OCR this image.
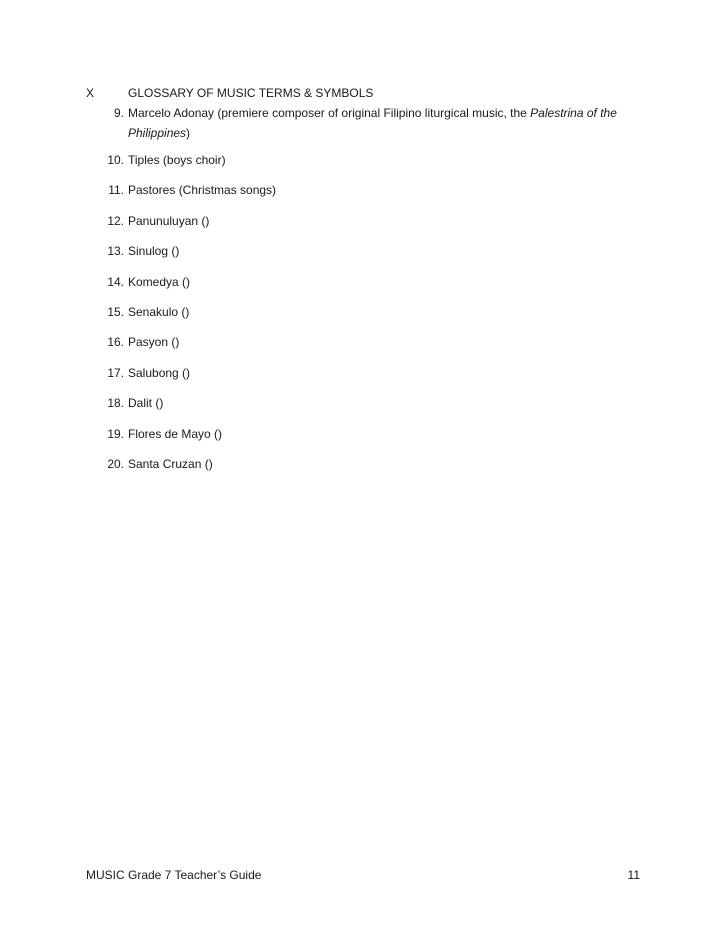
X	GLOSSARY OF MUSIC TERMS & SYMBOLS
9. Marcelo Adonay (premiere composer of original Filipino liturgical music, the Palestrina of the Philippines)
10. Tiples (boys choir)
11. Pastores (Christmas songs)
12. Panunuluyan ()
13. Sinulog ()
14. Komedya ()
15. Senakulo ()
16. Pasyon ()
17. Salubong ()
18. Dalit ()
19. Flores de Mayo ()
20. Santa Cruzan ()
MUSIC Grade 7 Teacher’s Guide	11
